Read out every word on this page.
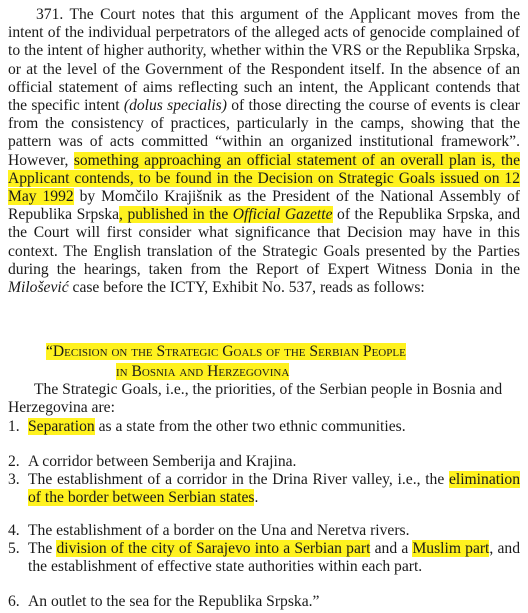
371. The Court notes that this argument of the Applicant moves from the intent of the individual perpetrators of the alleged acts of genocide complained of to the intent of higher authority, whether within the VRS or the Republika Srpska, or at the level of the Government of the Respondent itself. In the absence of an official statement of aims reflecting such an intent, the Applicant contends that the specific intent (dolus specialis) of those directing the course of events is clear from the consistency of practices, particularly in the camps, showing that the pattern was of acts committed “within an organized institutional framework”. However, something approaching an official statement of an overall plan is, the Applicant contends, to be found in the Decision on Strategic Goals issued on 12 May 1992 by Momčilo Krajišnik as the President of the National Assembly of Republika Srpska, published in the Official Gazette of the Republika Srpska, and the Court will first consider what significance that Decision may have in this context. The English translation of the Strategic Goals presented by the Parties during the hearings, taken from the Report of Expert Witness Donia in the Milošević case before the ICTY, Exhibit No. 537, reads as follows:
“Decision on the Strategic Goals of the Serbian People
in Bosnia and Herzegovina
The Strategic Goals, i.e., the priorities, of the Serbian people in Bosnia and Herzegovina are:
1. Separation as a state from the other two ethnic communities.
2. A corridor between Semberija and Krajina.
3. The establishment of a corridor in the Drina River valley, i.e., the elimination of the border between Serbian states.
4. The establishment of a border on the Una and Neretva rivers.
5. The division of the city of Sarajevo into a Serbian part and a Muslim part, and the establishment of effective state authorities within each part.
6. An outlet to the sea for the Republika Srpska.”
